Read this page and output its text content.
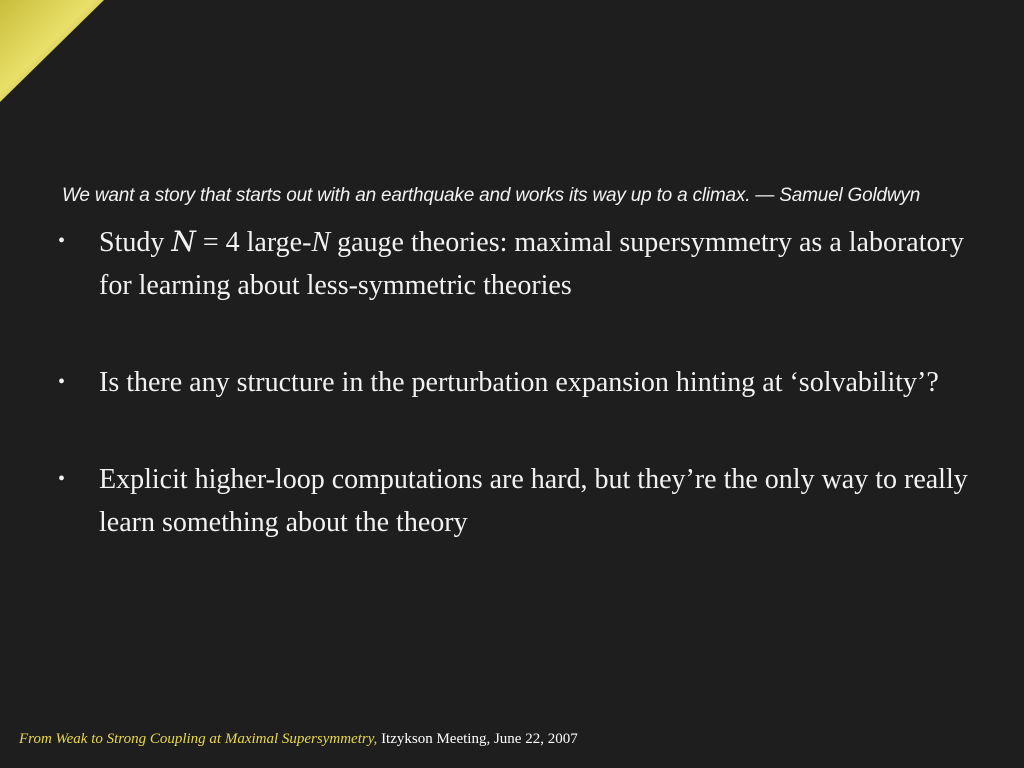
We want a story that starts out with an earthquake and works its way up to a climax. — Samuel Goldwyn
• Study N = 4 large-N gauge theories: maximal supersymmetry as a laboratory for learning about less-symmetric theories
• Is there any structure in the perturbation expansion hinting at ‘solvability’?
• Explicit higher-loop computations are hard, but they’re the only way to really learn something about the theory
From Weak to Strong Coupling at Maximal Supersymmetry, Itzykson Meeting, June 22, 2007
